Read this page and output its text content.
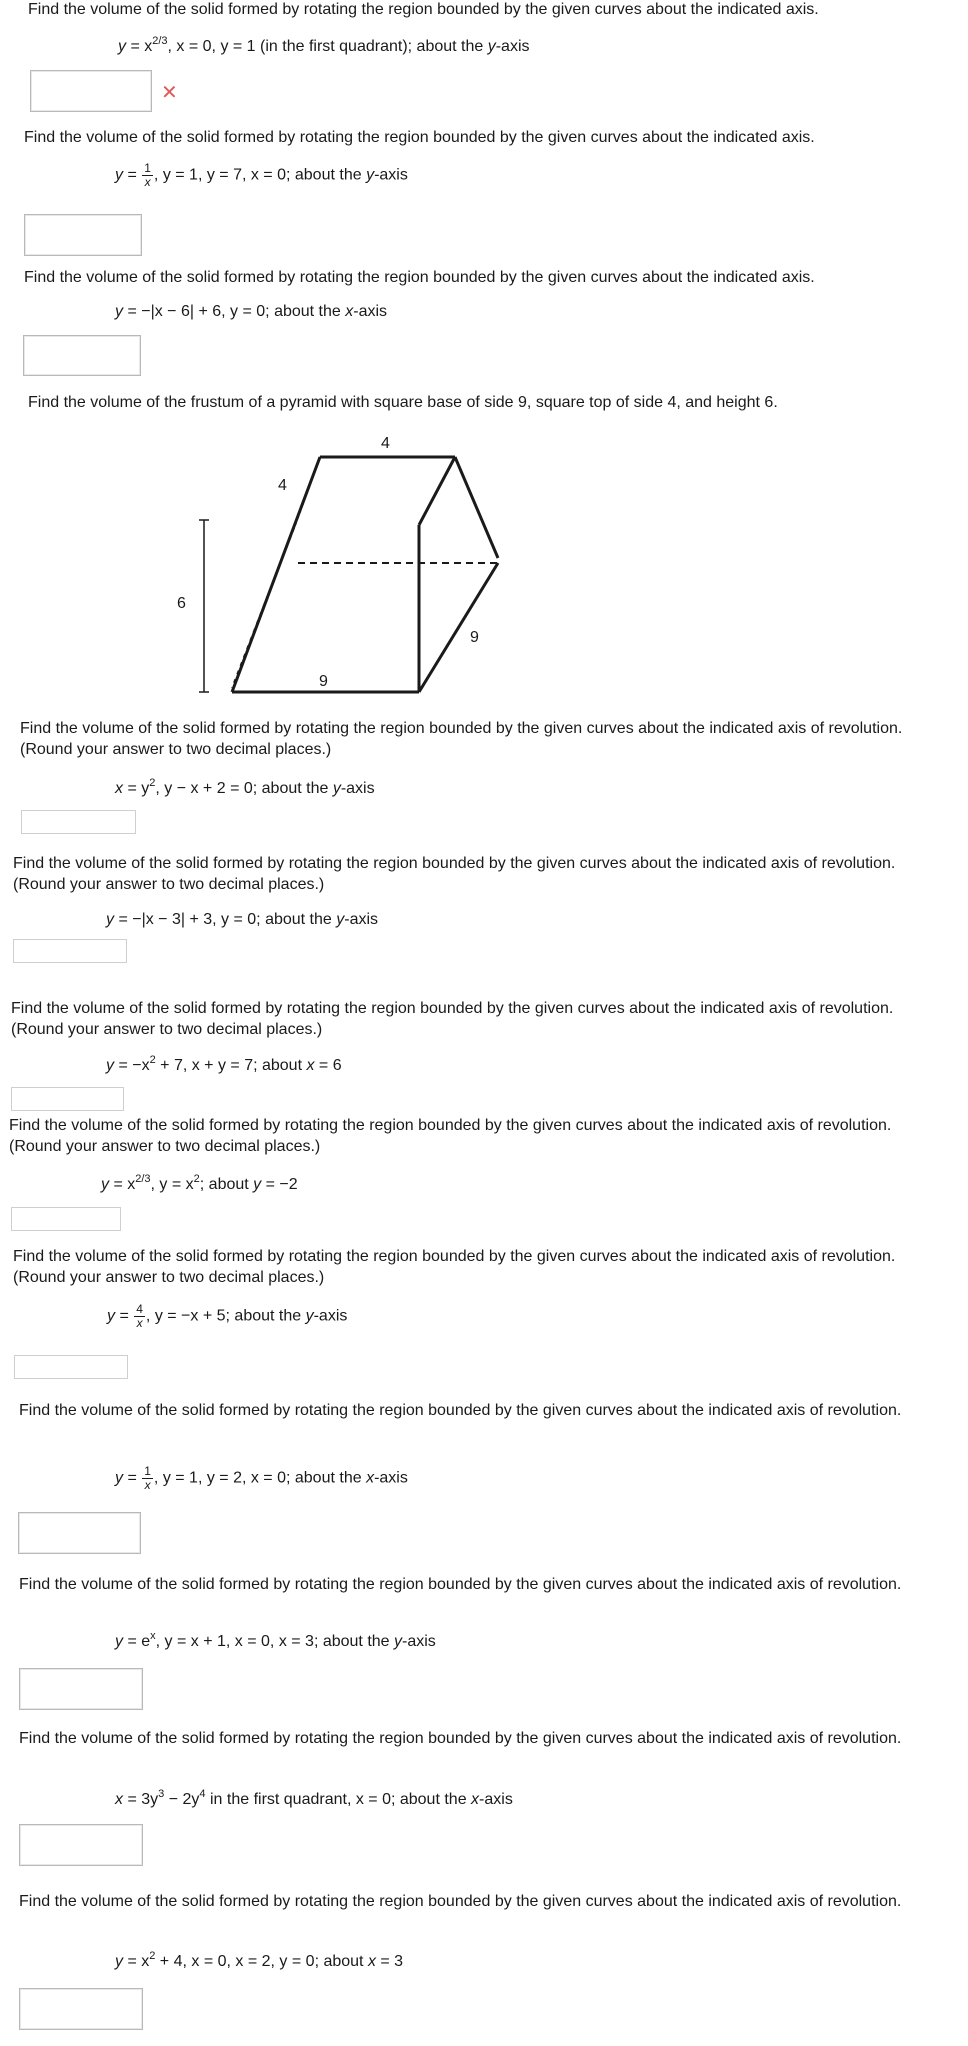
Find the volume of the solid formed by rotating the region bounded by the given curves about the indicated axis.
$y = x^{2/3}$, x = 0, y = 1 (in the first quadrant); about the y-axis
✕
Find the volume of the solid formed by rotating the region bounded by the given curves about the indicated axis.
$y = \frac{1}{x}$ , y = 1, y = 7, x = 0; about the y-axis
Find the volume of the solid formed by rotating the region bounded by the given curves about the indicated axis.
y = −|x − 6| + 6, y = 0; about the x-axis
Find the volume of the frustum of a pyramid with square base of side 9, square top of side 4, and height 6.
4
4
6
9
9
Find the volume of the solid formed by rotating the region bounded by the given curves about the indicated axis of revolution. (Round your answer to two decimal places.)
$x = y^2$, y − x + 2 = 0; about the y-axis
Find the volume of the solid formed by rotating the region bounded by the given curves about the indicated axis of revolution. (Round your answer to two decimal places.)
y = −|x − 3| + 3, y = 0; about the y-axis
Find the volume of the solid formed by rotating the region bounded by the given curves about the indicated axis of revolution. (Round your answer to two decimal places.)
$y = -x^2 + 7$, x + y = 7; about x = 6
Find the volume of the solid formed by rotating the region bounded by the given curves about the indicated axis of revolution. (Round your answer to two decimal places.)
$y = x^{2/3}$, $y = x^2$; about y = −2
Find the volume of the solid formed by rotating the region bounded by the given curves about the indicated axis of revolution. (Round your answer to two decimal places.)
$y = \frac{4}{x}$ , y = −x + 5; about the y-axis
Find the volume of the solid formed by rotating the region bounded by the given curves about the indicated axis of revolution.
$y = \frac{1}{x}$ , y = 1, y = 2, x = 0; about the x-axis
Find the volume of the solid formed by rotating the region bounded by the given curves about the indicated axis of revolution.
$y = e^x$, y = x + 1, x = 0, x = 3; about the y-axis
Find the volume of the solid formed by rotating the region bounded by the given curves about the indicated axis of revolution.
$x = 3y^3 - 2y^4$ in the first quadrant, x = 0; about the x-axis
Find the volume of the solid formed by rotating the region bounded by the given curves about the indicated axis of revolution.
$y = x^2 + 4$, x = 0, x = 2, y = 0; about x = 3
